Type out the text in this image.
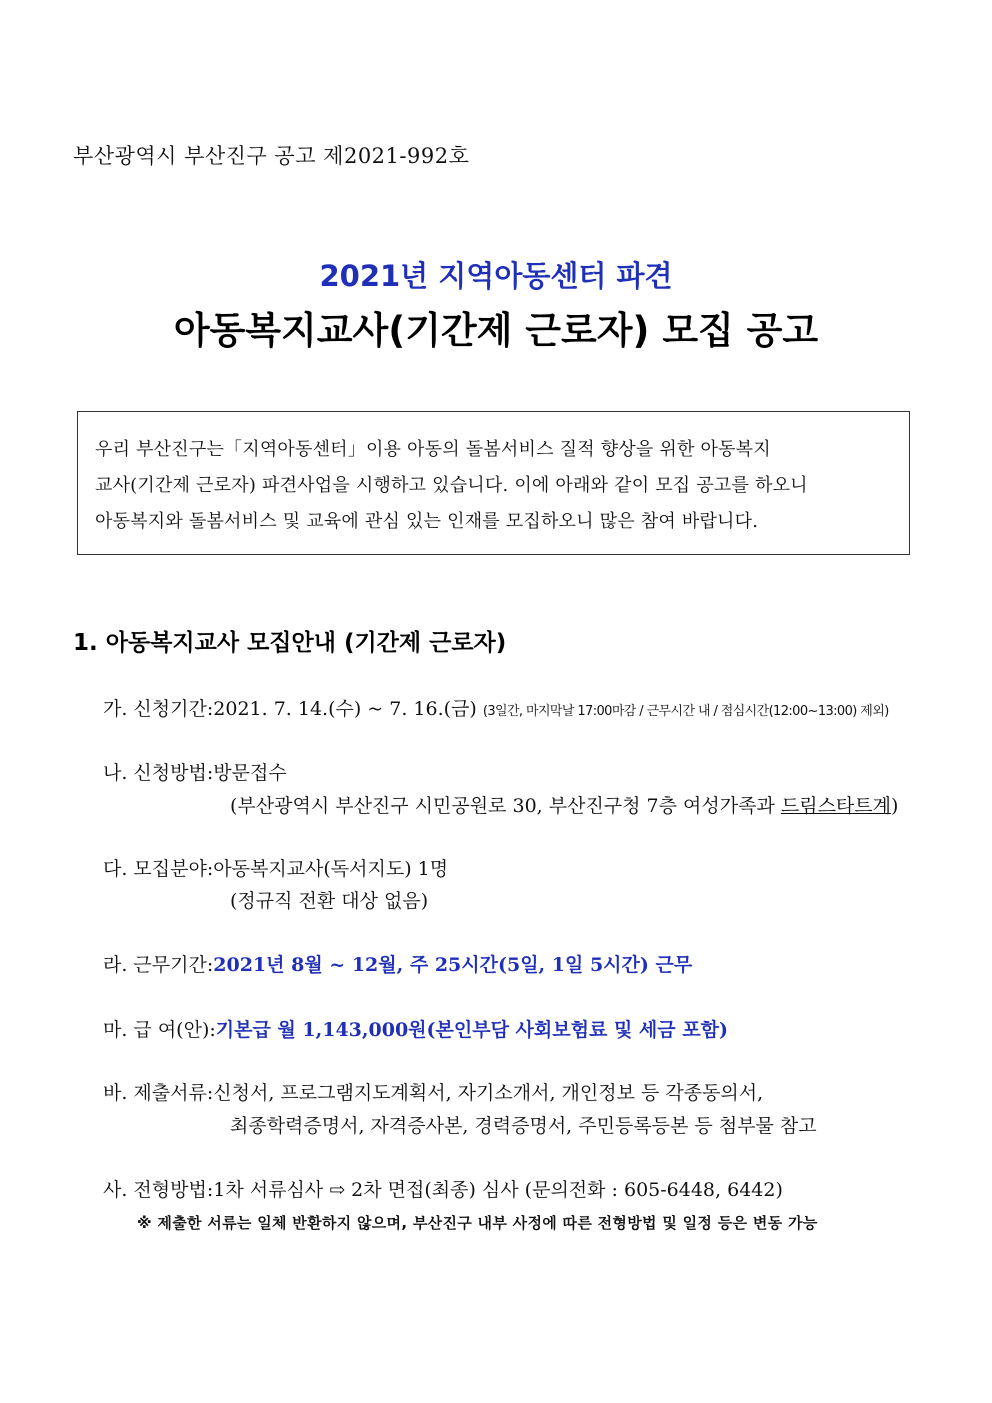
부산광역시 부산진구 공고 제2021-992호
2021년 지역아동센터 파견
아동복지교사(기간제 근로자) 모집 공고
우리 부산진구는「지역아동센터」이용 아동의 돌봄서비스 질적 향상을 위한 아동복지
교사(기간제 근로자) 파견사업을 시행하고 있습니다. 이에 아래와 같이 모집 공고를 하오니
아동복지와 돌봄서비스 및 교육에 관심 있는 인재를 모집하오니 많은 참여 바랍니다.
1. 아동복지교사 모집안내 (기간제 근로자)
가. 신청기간:2021. 7. 14.(수) ~ 7. 16.(금) (3일간, 마지막날 17:00마감 / 근무시간 내 / 점심시간(12:00~13:00) 제외)
나. 신청방법:방문접수
(부산광역시 부산진구 시민공원로 30, 부산진구청 7층 여성가족과 드림스타트계)
다. 모집분야:아동복지교사(독서지도) 1명
(정규직 전환 대상 없음)
라. 근무기간:2021년 8월 ~ 12월, 주 25시간(5일, 1일 5시간) 근무
마. 급 여(안):기본급 월 1,143,000원(본인부담 사회보험료 및 세금 포함)
바. 제출서류:신청서, 프로그램지도계획서, 자기소개서, 개인정보 등 각종동의서,
최종학력증명서, 자격증사본, 경력증명서, 주민등록등본 등 첨부물 참고
사. 전형방법:1차 서류심사 ⇨ 2차 면접(최종) 심사 (문의전화 : 605-6448, 6442)
※ 제출한 서류는 일체 반환하지 않으며, 부산진구 내부 사정에 따른 전형방법 및 일정 등은 변동 가능
